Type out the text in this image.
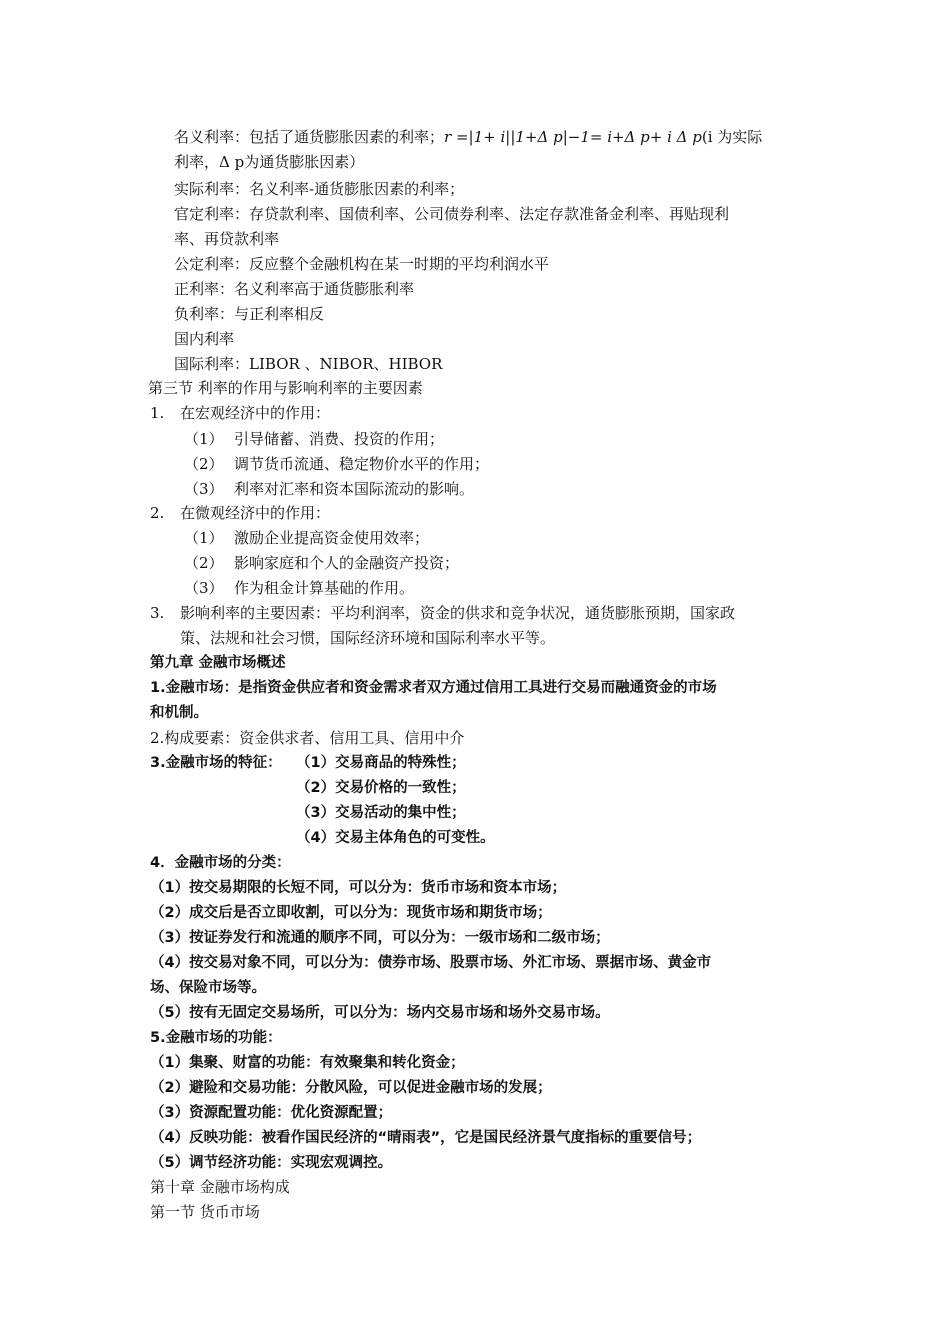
名义利率：包括了通货膨胀因素的利率；r =|1+ i||1+Δ p|−1= i+Δ p+ i Δ p(i 为实际
利率，Δ p为通货膨胀因素）
实际利率：名义利率-通货膨胀因素的利率；
官定利率：存贷款利率、国债利率、公司债券利率、法定存款准备金利率、再贴现利
率、再贷款利率
公定利率：反应整个金融机构在某一时期的平均利润水平
正利率：名义利率高于通货膨胀利率
负利率：与正利率相反
国内利率
国际利率：LIBOR 、NIBOR、HIBOR
第三节 利率的作用与影响利率的主要因素
1. 在宏观经济中的作用：
（1） 引导储蓄、消费、投资的作用；
（2） 调节货币流通、稳定物价水平的作用；
（3） 利率对汇率和资本国际流动的影响。
2. 在微观经济中的作用：
（1） 激励企业提高资金使用效率；
（2） 影响家庭和个人的金融资产投资；
（3） 作为租金计算基础的作用。
3. 影响利率的主要因素：平均利润率，资金的供求和竞争状况，通货膨胀预期，国家政
策、法规和社会习惯，国际经济环境和国际利率水平等。
第九章 金融市场概述
1.金融市场：是指资金供应者和资金需求者双方通过信用工具进行交易而融通资金的市场
和机制。
2.构成要素：资金供求者、信用工具、信用中介
3.金融市场的特征： （1）交易商品的特殊性；
（2）交易价格的一致性；
（3）交易活动的集中性；
（4）交易主体角色的可变性。
4．金融市场的分类：
（1）按交易期限的长短不同，可以分为：货币市场和资本市场；
（2）成交后是否立即收割，可以分为：现货市场和期货市场；
（3）按证券发行和流通的顺序不同，可以分为：一级市场和二级市场；
（4）按交易对象不同，可以分为：债券市场、股票市场、外汇市场、票据市场、黄金市
场、保险市场等。
（5）按有无固定交易场所，可以分为：场内交易市场和场外交易市场。
5.金融市场的功能：
（1）集聚、财富的功能：有效聚集和转化资金；
（2）避险和交易功能：分散风险，可以促进金融市场的发展；
（3）资源配置功能：优化资源配置；
（4）反映功能：被看作国民经济的“晴雨表”，它是国民经济景气度指标的重要信号；
（5）调节经济功能：实现宏观调控。
第十章 金融市场构成
第一节 货币市场
